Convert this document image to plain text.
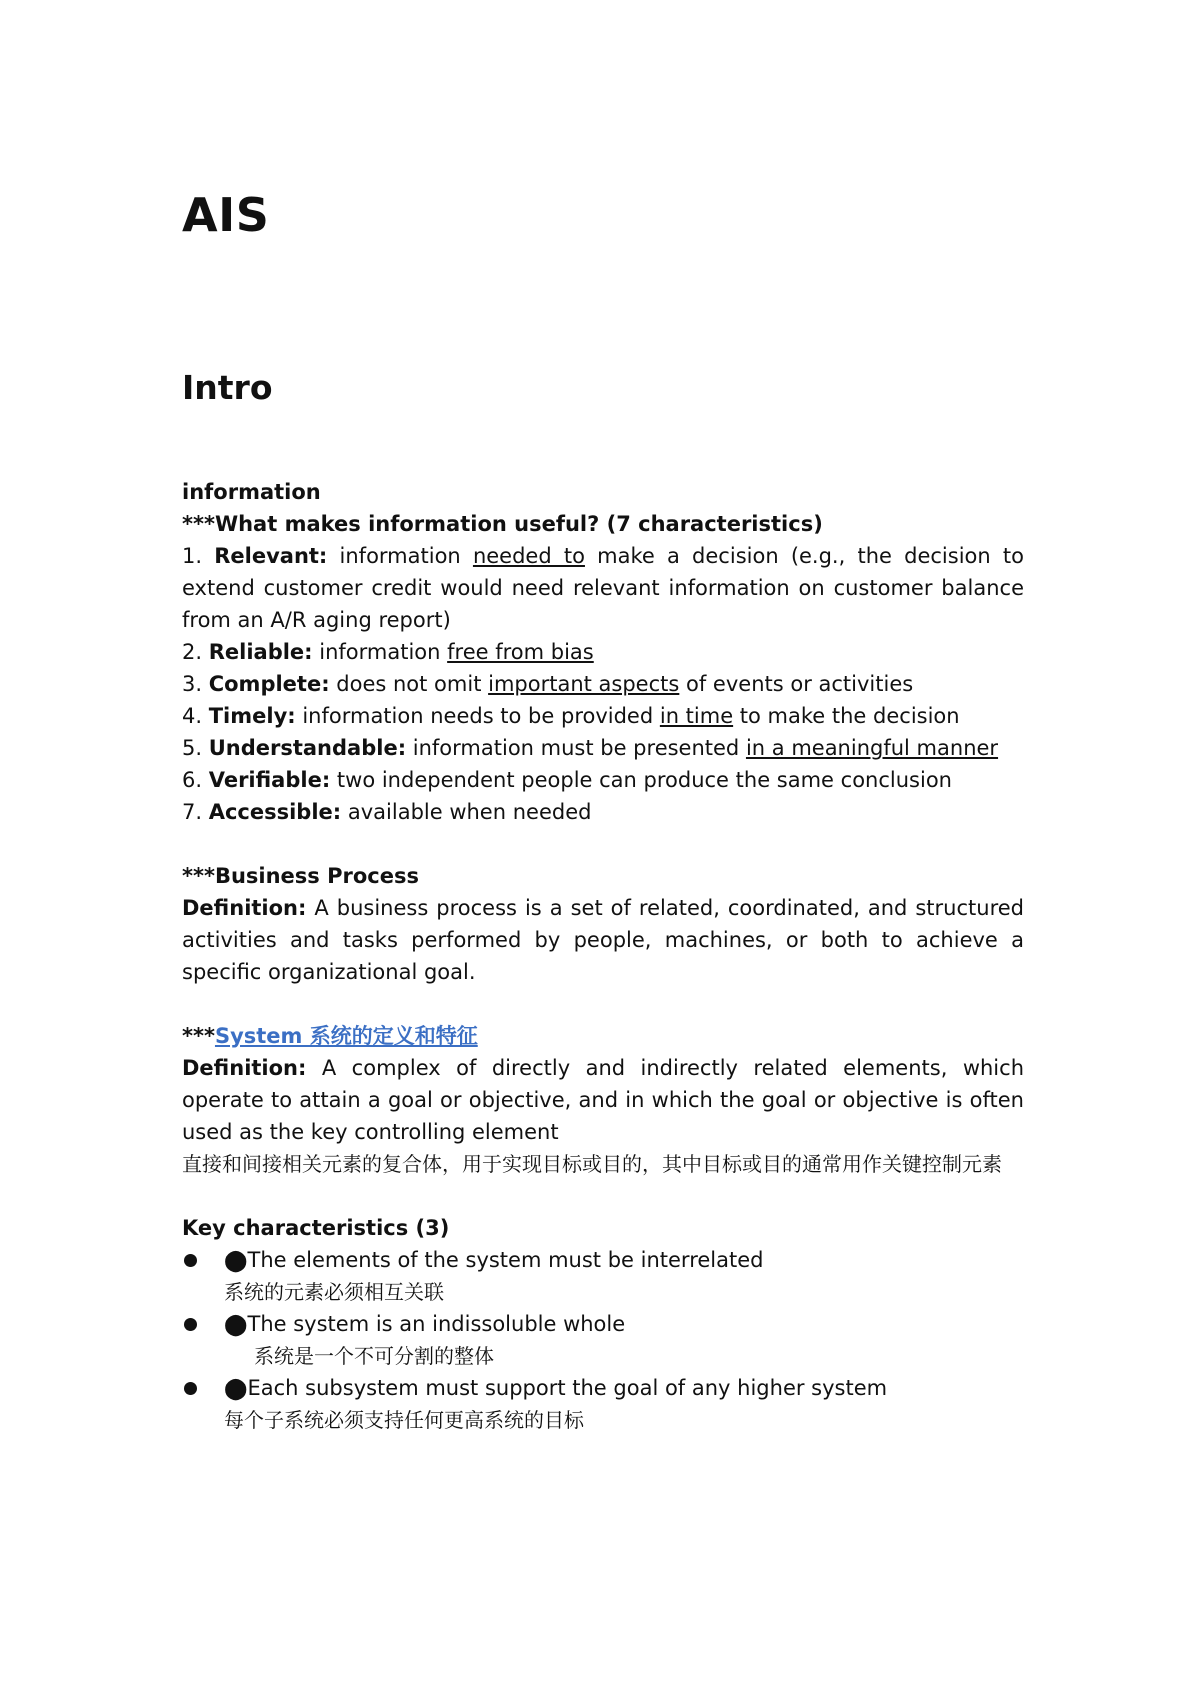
AIS
Intro

information

***What makes information useful? (7 characteristics)

1. Relevant: information needed to make a decision (e.g., the decision to extend customer credit would need relevant information on customer balance from an A/R aging report)

2. Reliable: information free from bias

3. Complete: does not omit important aspects of events or activities

4. Timely: information needs to be provided in time to make the decision

5. Understandable: information must be presented in a meaningful manner

6. Verifiable: two independent people can produce the same conclusion

7. Accessible: available when needed

***Business Process

Definition: A business process is a set of related, coordinated, and structured activities and tasks performed by people, machines, or both to achieve a specific organizational goal.

***System 系统的定义和特征

Definition: A complex of directly and indirectly related elements, which operate to attain a goal or objective, and in which the goal or objective is often used as the key controlling element

直接和间接相关元素的复合体，用于实现目标或目的，其中目标或目的通常用作关键控制元素

Key characteristics (3)

⬤The elements of the system must be interrelated
系统的元素必须相互关联
⬤The system is an indissoluble whole
系统是一个不可分割的整体
⬤Each subsystem must support the goal of any higher system
每个子系统必须支持任何更高系统的目标
